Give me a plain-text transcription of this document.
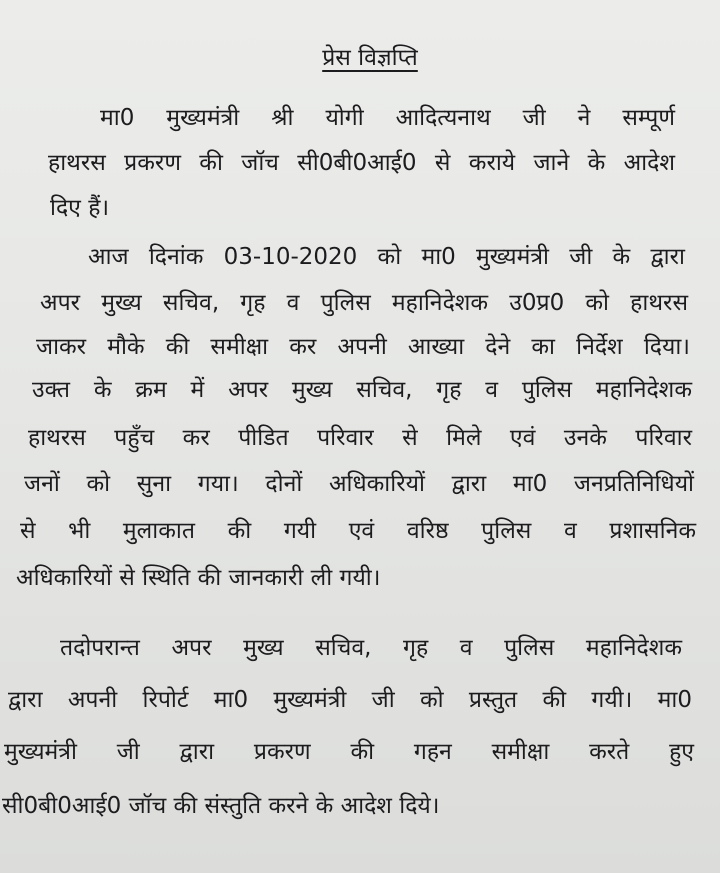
प्रेस विज्ञप्ति
मा0 मुख्यमंत्री श्री योगी आदित्यनाथ जी ने सम्पूर्ण
हाथरस प्रकरण की जॉच सी0बी0आई0 से कराये जाने के आदेश
दिए हैं।
आज दिनांक 03-10-2020 को मा0 मुख्यमंत्री जी के द्वारा
अपर मुख्य सचिव, गृह व पुलिस महानिदेशक उ0प्र0 को हाथरस
जाकर मौके की समीक्षा कर अपनी आख्या देने का निर्देश दिया।
उक्त के क्रम में अपर मुख्य सचिव, गृह व पुलिस महानिदेशक
हाथरस पहुँच कर पीडित परिवार से मिले एवं उनके परिवार
जनों को सुना गया। दोनों अधिकारियों द्वारा मा0 जनप्रतिनिधियों
से भी मुलाकात की गयी एवं वरिष्ठ पुलिस व प्रशासनिक
अधिकारियों से स्थिति की जानकारी ली गयी।
तदोपरान्त अपर मुख्य सचिव, गृह व पुलिस महानिदेशक
द्वारा अपनी रिपोर्ट मा0 मुख्यमंत्री जी को प्रस्तुत की गयी। मा0
मुख्यमंत्री जी द्वारा प्रकरण की गहन समीक्षा करते हुए
सी0बी0आई0 जॉच की संस्तुति करने के आदेश दिये।
